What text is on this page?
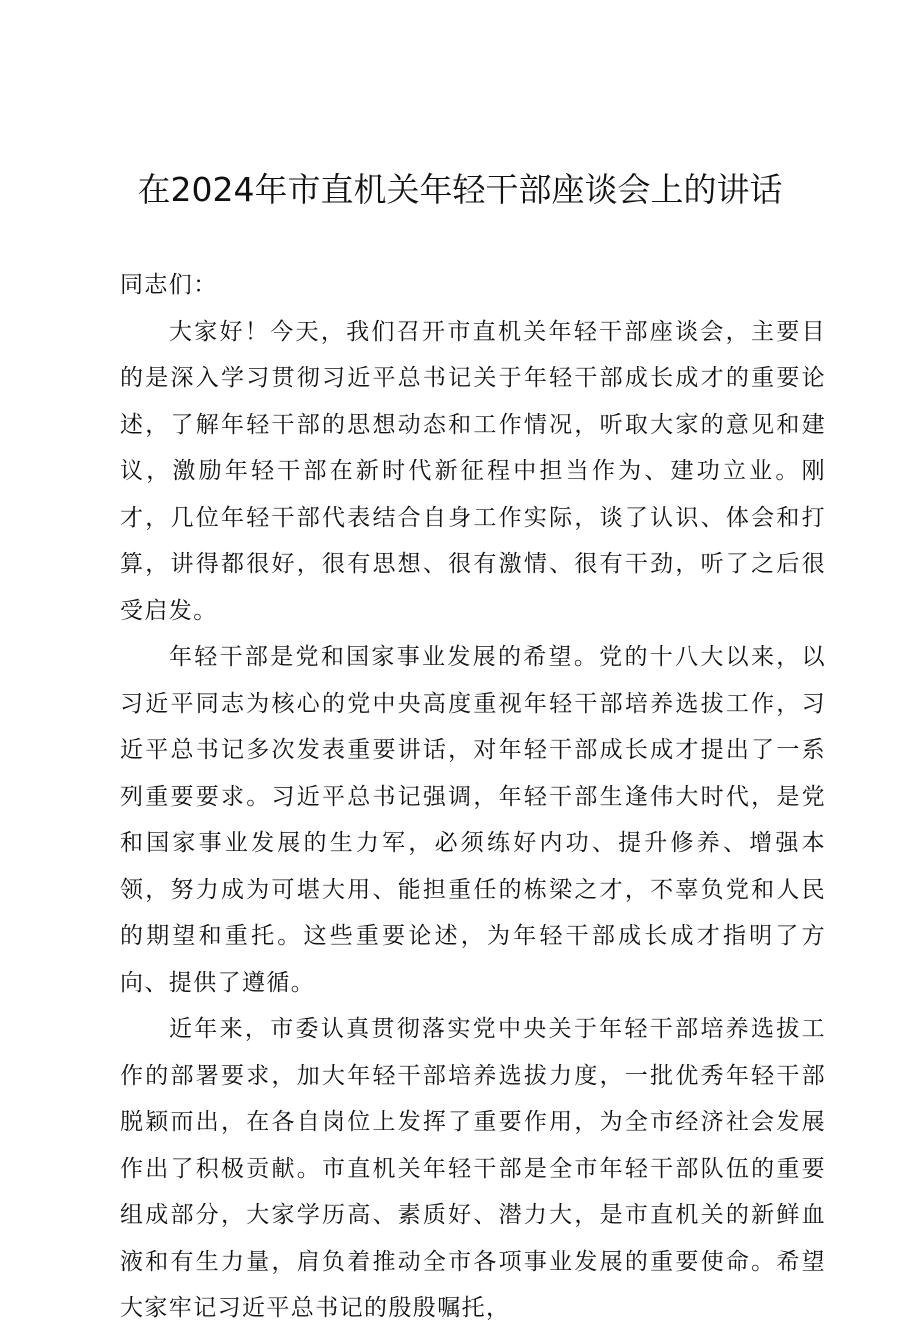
在2024年市直机关年轻干部座谈会上的讲话

同志们：

大家好！今天，我们召开市直机关年轻干部座谈会，主要目的是深入学习贯彻习近平总书记关于年轻干部成长成才的重要论述，了解年轻干部的思想动态和工作情况，听取大家的意见和建议，激励年轻干部在新时代新征程中担当作为、建功立业。刚才，几位年轻干部代表结合自身工作实际，谈了认识、体会和打算，讲得都很好，很有思想、很有激情、很有干劲，听了之后很受启发。

年轻干部是党和国家事业发展的希望。党的十八大以来，以习近平同志为核心的党中央高度重视年轻干部培养选拔工作，习近平总书记多次发表重要讲话，对年轻干部成长成才提出了一系列重要要求。习近平总书记强调，年轻干部生逢伟大时代，是党和国家事业发展的生力军，必须练好内功、提升修养、增强本领，努力成为可堪大用、能担重任的栋梁之才，不辜负党和人民的期望和重托。这些重要论述，为年轻干部成长成才指明了方向、提供了遵循。

近年来，市委认真贯彻落实党中央关于年轻干部培养选拔工作的部署要求，加大年轻干部培养选拔力度，一批优秀年轻干部脱颖而出，在各自岗位上发挥了重要作用，为全市经济社会发展作出了积极贡献。市直机关年轻干部是全市年轻干部队伍的重要组成部分，大家学历高、素质好、潜力大，是市直机关的新鲜血液和有生力量，肩负着推动全市各项事业发展的重要使命。希望大家牢记习近平总书记的殷殷嘱托，
